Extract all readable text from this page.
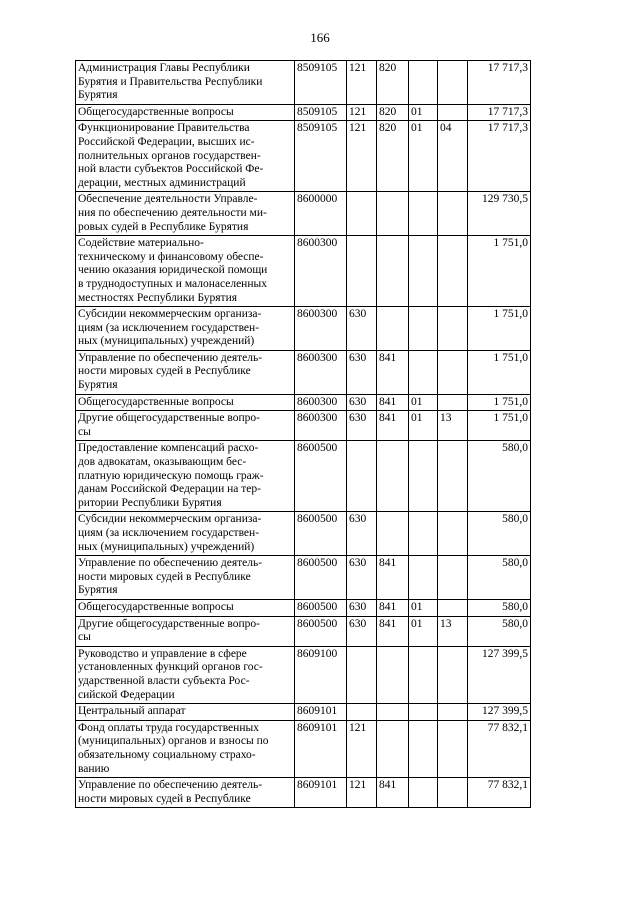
166
Администрация Главы Республики
Бурятия и Правительства Республики
Бурятия	8509105	121	820			17 717,3

Общегосударственные вопросы	8509105	121	820	01		17 717,3

Функционирование Правительства
Российской Федерации, высших ис-
полнительных органов государствен-
ной власти субъектов Российской Фе-
дерации, местных администраций	8509105	121	820	01	04	17 717,3

Обеспечение деятельности Управле-
ния по обеспечению деятельности ми-
ровых судей в Республике Бурятия	8600000					129 730,5

Содействие материально-
техническому и финансовому обеспе-
чению оказания юридической помощи
в труднодоступных и малонаселенных
местностях Республики Бурятия	8600300					1 751,0

Субсидии некоммерческим организа-
циям (за исключением государствен-
ных (муниципальных) учреждений)	8600300	630				1 751,0

Управление по обеспечению деятель-
ности мировых судей в Республике
Бурятия	8600300	630	841			1 751,0

Общегосударственные вопросы	8600300	630	841	01		1 751,0

Другие общегосударственные вопро-
сы	8600300	630	841	01	13	1 751,0

Предоставление компенсаций расхо-
дов адвокатам, оказывающим бес-
платную юридическую помощь граж-
данам Российской Федерации на тер-
ритории Республики Бурятия	8600500					580,0

Субсидии некоммерческим организа-
циям (за исключением государствен-
ных (муниципальных) учреждений)	8600500	630				580,0

Управление по обеспечению деятель-
ности мировых судей в Республике
Бурятия	8600500	630	841			580,0

Общегосударственные вопросы	8600500	630	841	01		580,0

Другие общегосударственные вопро-
сы	8600500	630	841	01	13	580,0

Руководство и управление в сфере
установленных функций органов гос-
ударственной власти субъекта Рос-
сийской Федерации	8609100					127 399,5

Центральный аппарат	8609101					127 399,5

Фонд оплаты труда государственных
(муниципальных) органов и взносы по
обязательному социальному страхо-
ванию	8609101	121				77 832,1

Управление по обеспечению деятель-
ности мировых судей в Республике	8609101	121	841			77 832,1
